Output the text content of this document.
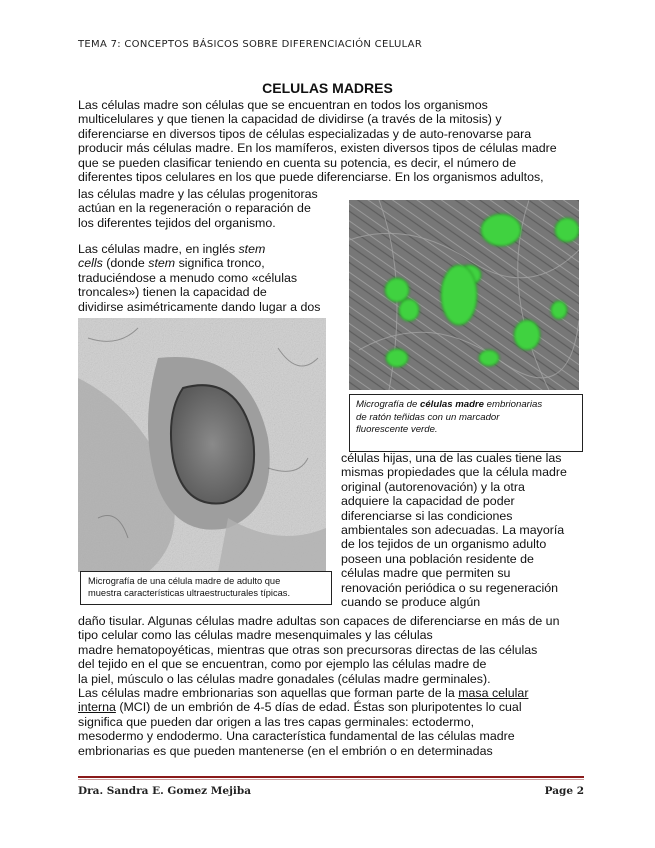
TEMA 7: CONCEPTOS BÁSICOS SOBRE DIFERENCIACIÓN CELULAR
CELULAS MADRES
Las células madre son células que se encuentran en todos los organismos
multicelulares y que tienen la capacidad de dividirse (a través de la mitosis) y
diferenciarse en diversos tipos de células especializadas y de auto-renovarse para
producir más células madre. En los mamíferos, existen diversos tipos de células madre
que se pueden clasificar teniendo en cuenta su potencia, es decir, el número de
diferentes tipos celulares en los que puede diferenciarse. En los organismos adultos,
las células madre y las células progenitoras
actúan en la regeneración o reparación de
los diferentes tejidos del organismo.
Las células madre, en inglés stem
cells (donde stem significa tronco,
traduciéndose a menudo como «células
troncales») tienen la capacidad de
dividirse asimétricamente dando lugar a dos
Micrografía de células madre embrionarias
de ratón teñidas con un marcador
fluorescente verde.
Micrografía de una célula madre de adulto que
muestra características ultraestructurales típicas.
células hijas, una de las cuales tiene las
mismas propiedades que la célula madre
original (autorenovación) y la otra
adquiere la capacidad de poder
diferenciarse si las condiciones
ambientales son adecuadas. La mayoría
de los tejidos de un organismo adulto
poseen una población residente de
células madre que permiten su
renovación periódica o su regeneración
cuando se produce algún
daño tisular. Algunas células madre adultas son capaces de diferenciarse en más de un
tipo celular como las células madre mesenquimales y las células
madre hematopoyéticas, mientras que otras son precursoras directas de las células
del tejido en el que se encuentran, como por ejemplo las células madre de
la piel, músculo o las células madre gonadales (células madre germinales).
Las células madre embrionarias son aquellas que forman parte de la masa celular
interna (MCI) de un embrión de 4-5 días de edad. Éstas son pluripotentes lo cual
significa que pueden dar origen a las tres capas germinales: ectodermo,
mesodermo y endodermo. Una característica fundamental de las células madre
embrionarias es que pueden mantenerse (en el embrión o en determinadas
Dra. Sandra E. Gomez Mejiba	Page 2
